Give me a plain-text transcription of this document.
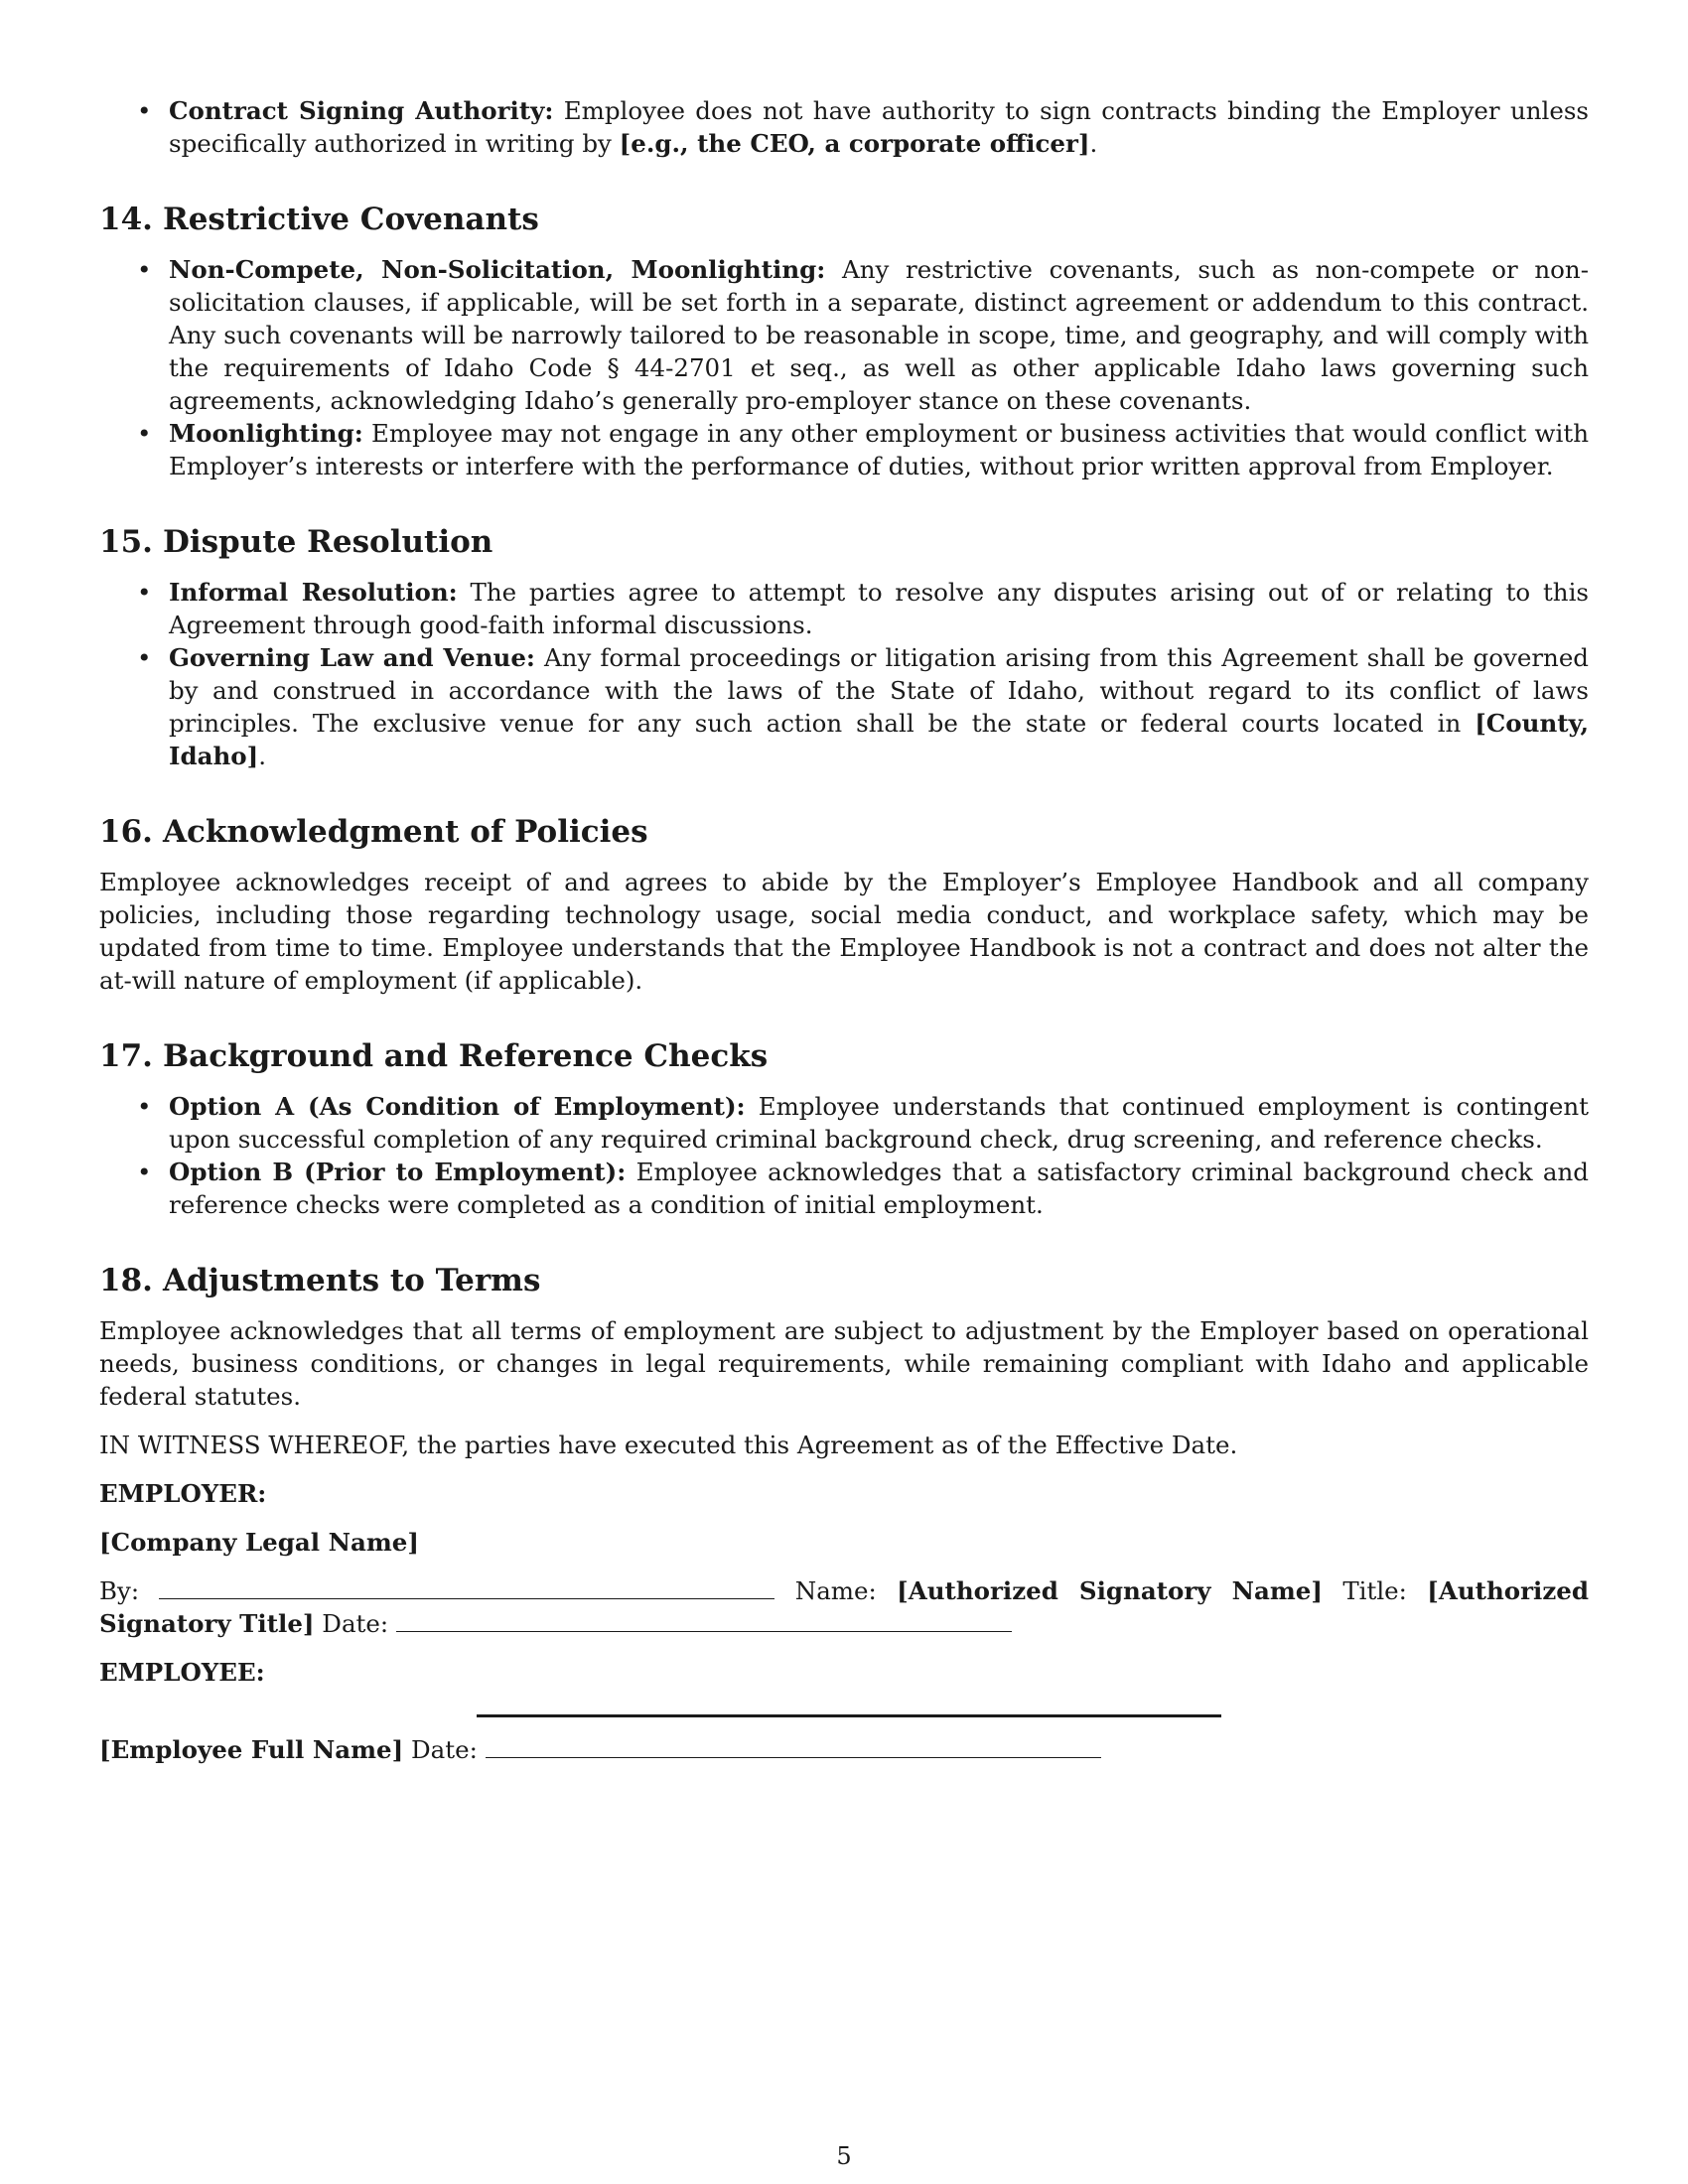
• Contract Signing Authority: Employee does not have authority to sign contracts binding the Employer unless specifically authorized in writing by [e.g., the CEO, a corporate officer].
14. Restrictive Covenants
• Non-Compete, Non-Solicitation, Moonlighting: Any restrictive covenants, such as non-compete or non-solicitation clauses, if applicable, will be set forth in a separate, distinct agreement or addendum to this contract. Any such covenants will be narrowly tailored to be reasonable in scope, time, and geography, and will comply with the requirements of Idaho Code § 44-2701 et seq., as well as other applicable Idaho laws governing such agreements, acknowledging Idaho’s generally pro-employer stance on these covenants.
• Moonlighting: Employee may not engage in any other employment or business activities that would conflict with Employer’s interests or interfere with the performance of duties, without prior written approval from Employer.
15. Dispute Resolution
• Informal Resolution: The parties agree to attempt to resolve any disputes arising out of or relating to this Agreement through good-faith informal discussions.
• Governing Law and Venue: Any formal proceedings or litigation arising from this Agreement shall be governed by and construed in accordance with the laws of the State of Idaho, without regard to its conflict of laws principles. The exclusive venue for any such action shall be the state or federal courts located in [County, Idaho].
16. Acknowledgment of Policies

Employee acknowledges receipt of and agrees to abide by the Employer’s Employee Handbook and all company policies, including those regarding technology usage, social media conduct, and workplace safety, which may be updated from time to time. Employee understands that the Employee Handbook is not a contract and does not alter the at-will nature of employment (if applicable).

17. Background and Reference Checks
• Option A (As Condition of Employment): Employee understands that continued employment is contingent upon successful completion of any required criminal background check, drug screening, and reference checks.
• Option B (Prior to Employment): Employee acknowledges that a satisfactory criminal background check and reference checks were completed as a condition of initial employment.
18. Adjustments to Terms

Employee acknowledges that all terms of employment are subject to adjustment by the Employer based on operational needs, business conditions, or changes in legal requirements, while remaining compliant with Idaho and applicable federal statutes.

IN WITNESS WHEREOF, the parties have executed this Agreement as of the Effective Date.

EMPLOYER:

[Company Legal Name]

By:	Name: [Authorized Signatory Name] Title: [Authorized Signatory Title] Date:

EMPLOYEE:

[Employee Full Name] Date:

5
